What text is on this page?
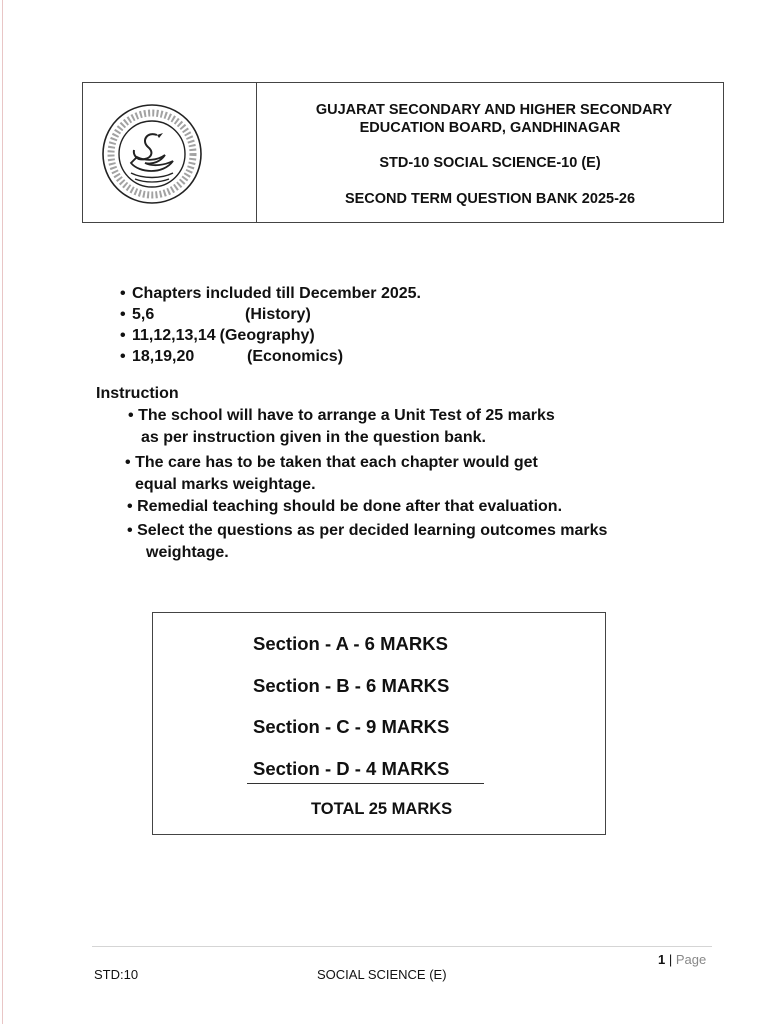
GUJARAT SECONDARY AND HIGHER SECONDARY
EDUCATION BOARD, GANDHINAGAR
STD-10 SOCIAL SCIENCE-10 (E)
SECOND TERM QUESTION BANK 2025-26
• Chapters included till December 2025.
• 5,6	(History)
• 11,12,13,14 (Geography)
• 18,19,20	(Economics)
Instruction
• The school will have to arrange a Unit Test of 25 marks
as per instruction given in the question bank.
• The care has to be taken that each chapter would get
equal marks weightage.
• Remedial teaching should be done after that evaluation.
• Select the questions as per decided learning outcomes marks
weightage.
Section - A - 6 MARKS
Section - B - 6 MARKS
Section - C - 9 MARKS
Section - D - 4 MARKS
TOTAL 25 MARKS
1 | Page
STD:10	SOCIAL SCIENCE (E)
